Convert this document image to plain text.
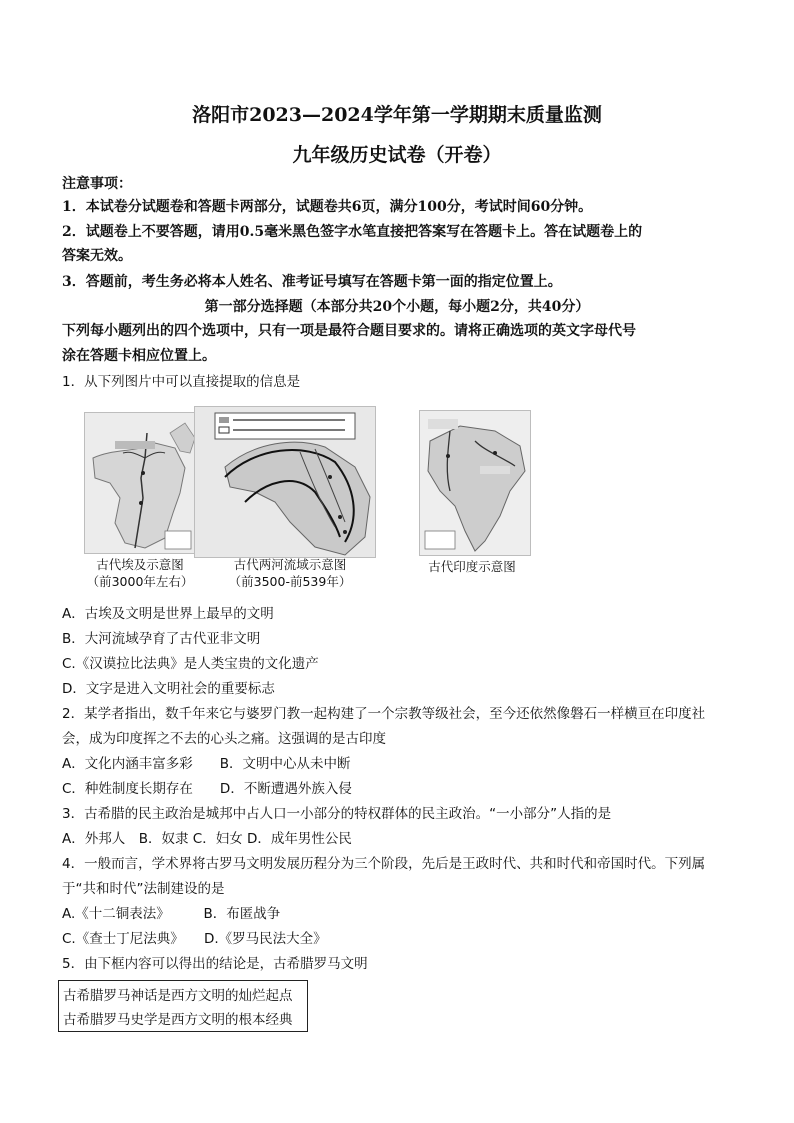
洛阳市2023—2024学年第一学期期末质量监测
九年级历史试卷（开卷）
注意事项：
1．本试卷分试题卷和答题卡两部分，试题卷共6页，满分100分，考试时间60分钟。
2．试题卷上不要答题，请用0.5毫米黑色签字水笔直接把答案写在答题卡上。答在试题卷上的
答案无效。
3．答题前，考生务必将本人姓名、准考证号填写在答题卡第一面的指定位置上。
第一部分选择题（本部分共20个小题，每小题2分，共40分）
下列每小题列出的四个选项中，只有一项是最符合题目要求的。请将正确选项的英文字母代号
涂在答题卡相应位置上。
1．从下列图片中可以直接提取的信息是
古代埃及示意图
（前3000年左右）
古代两河流域示意图
（前3500-前539年）
古代印度示意图
A．古埃及文明是世界上最早的文明
B．大河流域孕育了古代亚非文明
C.《汉谟拉比法典》是人类宝贵的文化遗产
D．文字是进入文明社会的重要标志
2．某学者指出，数千年来它与婆罗门教一起构建了一个宗教等级社会，至今还依然像磐石一样横亘在印度社
会，成为印度挥之不去的心头之痛。这强调的是古印度
A．文化内涵丰富多彩　　B．文明中心从未中断
C．种姓制度长期存在　　D．不断遭遇外族入侵
3．古希腊的民主政治是城邦中占人口一小部分的特权群体的民主政治。“一小部分”人指的是
A．外邦人　B．奴隶 C．妇女 D．成年男性公民
4．一般而言，学术界将古罗马文明发展历程分为三个阶段，先后是王政时代、共和时代和帝国时代。下列属
于“共和时代”法制建设的是
A.《十二铜表法》　　　B．布匿战争
C.《查士丁尼法典》　　D.《罗马民法大全》
5．由下框内容可以得出的结论是，古希腊罗马文明
古希腊罗马神话是西方文明的灿烂起点
古希腊罗马史学是西方文明的根本经典
